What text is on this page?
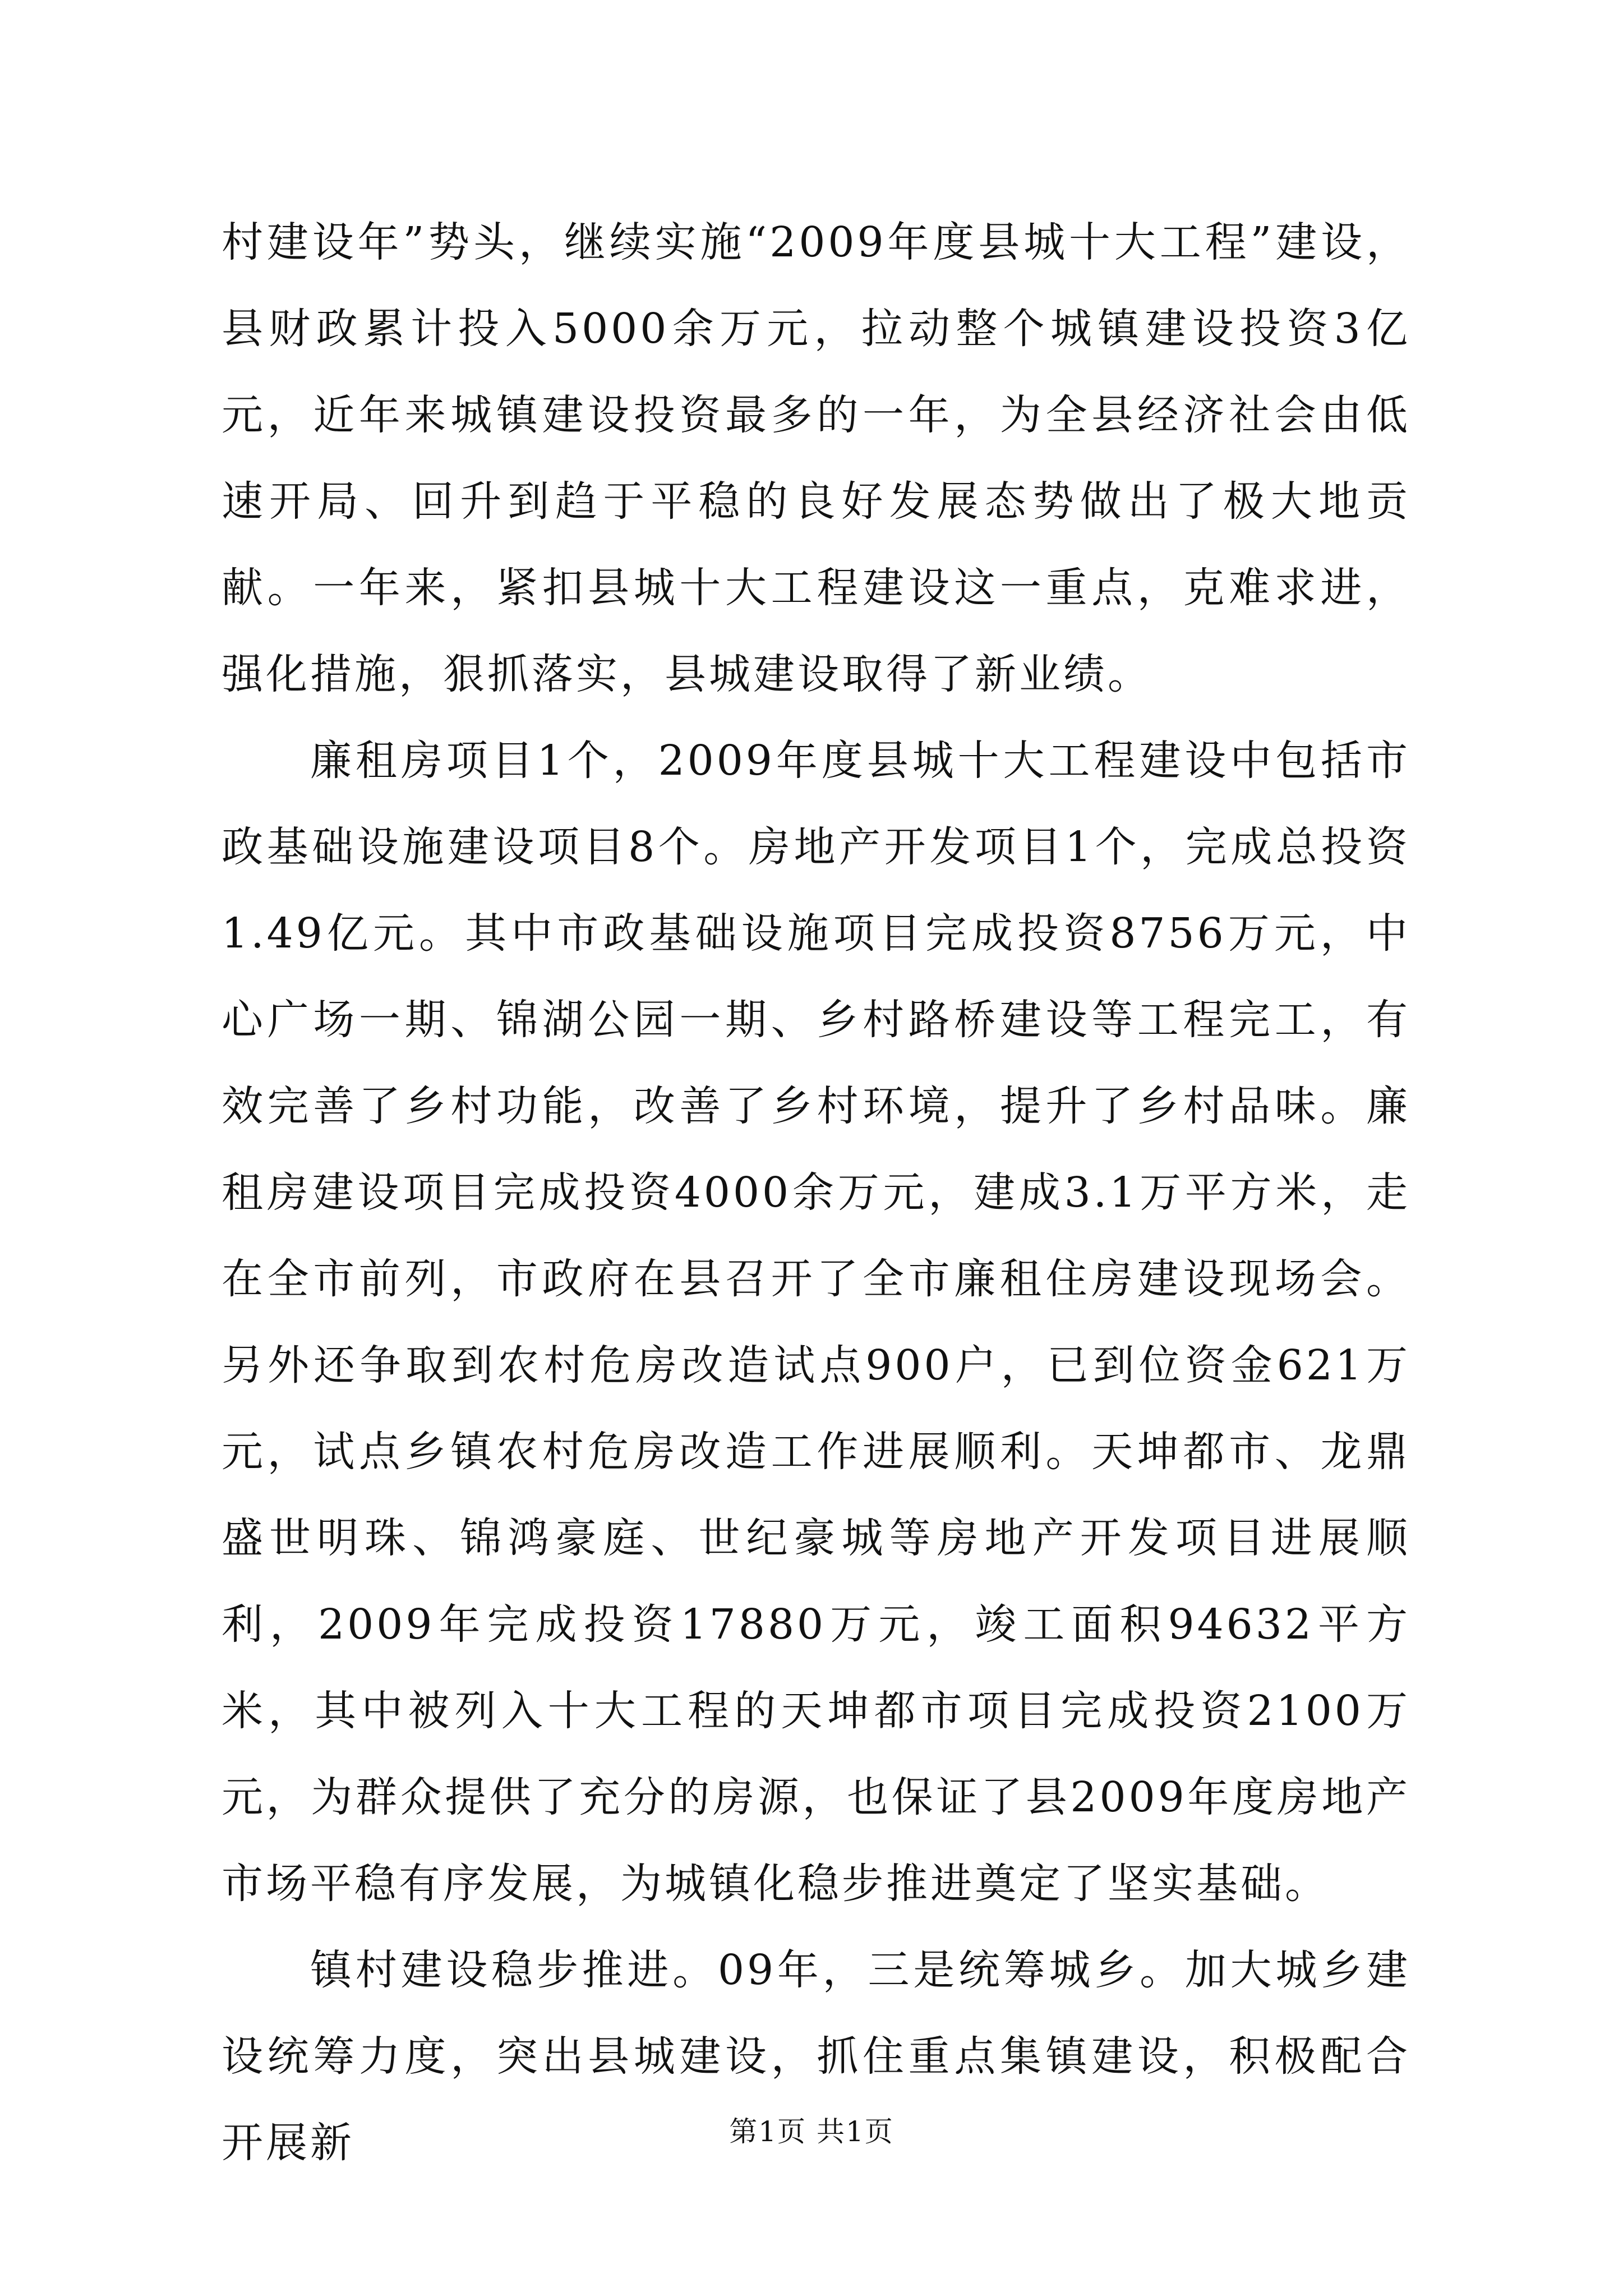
村建设年”势头，继续实施“2009年度县城十大工程”建设，县财政累计投入5000余万元，拉动整个城镇建设投资3亿元，近年来城镇建设投资最多的一年，为全县经济社会由低速开局、回升到趋于平稳的良好发展态势做出了极大地贡献。一年来，紧扣县城十大工程建设这一重点，克难求进，强化措施，狠抓落实，县城建设取得了新业绩。

廉租房项目1个，2009年度县城十大工程建设中包括市政基础设施建设项目8个。房地产开发项目1个，完成总投资1.49亿元。其中市政基础设施项目完成投资8756万元，中心广场一期、锦湖公园一期、乡村路桥建设等工程完工，有效完善了乡村功能，改善了乡村环境，提升了乡村品味。廉租房建设项目完成投资4000余万元，建成3.1万平方米，走在全市前列，市政府在县召开了全市廉租住房建设现场会。另外还争取到农村危房改造试点900户，已到位资金621万元，试点乡镇农村危房改造工作进展顺利。天坤都市、龙鼎盛世明珠、锦鸿豪庭、世纪豪城等房地产开发项目进展顺利，2009年完成投资17880万元，竣工面积94632平方米，其中被列入十大工程的天坤都市项目完成投资2100万元，为群众提供了充分的房源，也保证了县2009年度房地产市场平稳有序发展，为城镇化稳步推进奠定了坚实基础。

镇村建设稳步推进。09年，三是统筹城乡。加大城乡建设统筹力度，突出县城建设，抓住重点集镇建设，积极配合开展新	第1页 共1页
